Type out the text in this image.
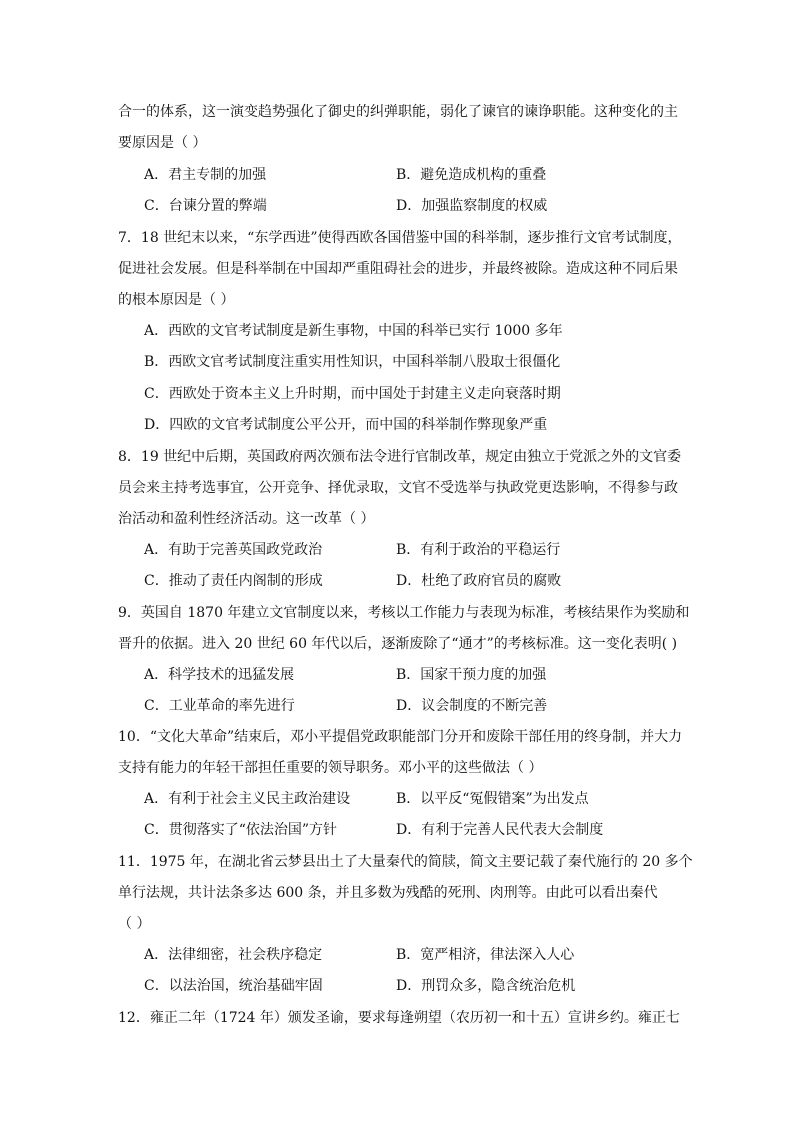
合一的体系，这一演变趋势强化了御史的纠弹职能，弱化了谏官的谏诤职能。这种变化的主
要原因是（ ）
A．君主专制的加强	B．避免造成机构的重叠
C．台谏分置的弊端	D．加强监察制度的权威
7．18 世纪末以来，“东学西进”使得西欧各国借鉴中国的科举制，逐步推行文官考试制度，
促进社会发展。但是科举制在中国却严重阻碍社会的进步，并最终被除。造成这种不同后果
的根本原因是（ ）
A．西欧的文官考试制度是新生事物，中国的科举已实行 1000 多年
B．西欧文官考试制度注重实用性知识，中国科举制八股取士很僵化
C．西欧处于资本主义上升时期，而中国处于封建主义走向衰落时期
D．四欧的文官考试制度公平公开，而中国的科举制作弊现象严重
8．19 世纪中后期，英国政府两次颁布法令进行官制改革，规定由独立于党派之外的文官委
员会来主持考选事宜，公开竞争、择优录取，文官不受选举与执政党更迭影响，不得参与政
治活动和盈利性经济活动。这一改革（ ）
A．有助于完善英国政党政治	B．有利于政治的平稳运行
C．推动了责任内阁制的形成	D．杜绝了政府官员的腐败
9．英国自 1870 年建立文官制度以来，考核以工作能力与表现为标准，考核结果作为奖励和
晋升的依据。进入 20 世纪 60 年代以后，逐渐废除了“通才”的考核标准。这一变化表明( )
A．科学技术的迅猛发展	B．国家干预力度的加强
C．工业革命的率先进行	D．议会制度的不断完善
10．“文化大革命”结束后，邓小平提倡党政职能部门分开和废除干部任用的终身制，并大力
支持有能力的年轻干部担任重要的领导职务。邓小平的这些做法（ ）
A．有利于社会主义民主政治建设	B．以平反“冤假错案”为出发点
C．贯彻落实了“依法治国”方针	D．有利于完善人民代表大会制度
11．1975 年，在湖北省云梦县出土了大量秦代的简牍，简文主要记载了秦代施行的 20 多个
单行法规，共计法条多达 600 条，并且多数为残酷的死刑、肉刑等。由此可以看出秦代
（ ）
A．法律细密，社会秩序稳定	B．宽严相济，律法深入人心
C．以法治国，统治基础牢固	D．刑罚众多，隐含统治危机
12．雍正二年（1724 年）颁发圣谕，要求每逢朔望（农历初一和十五）宣讲乡约。雍正七
